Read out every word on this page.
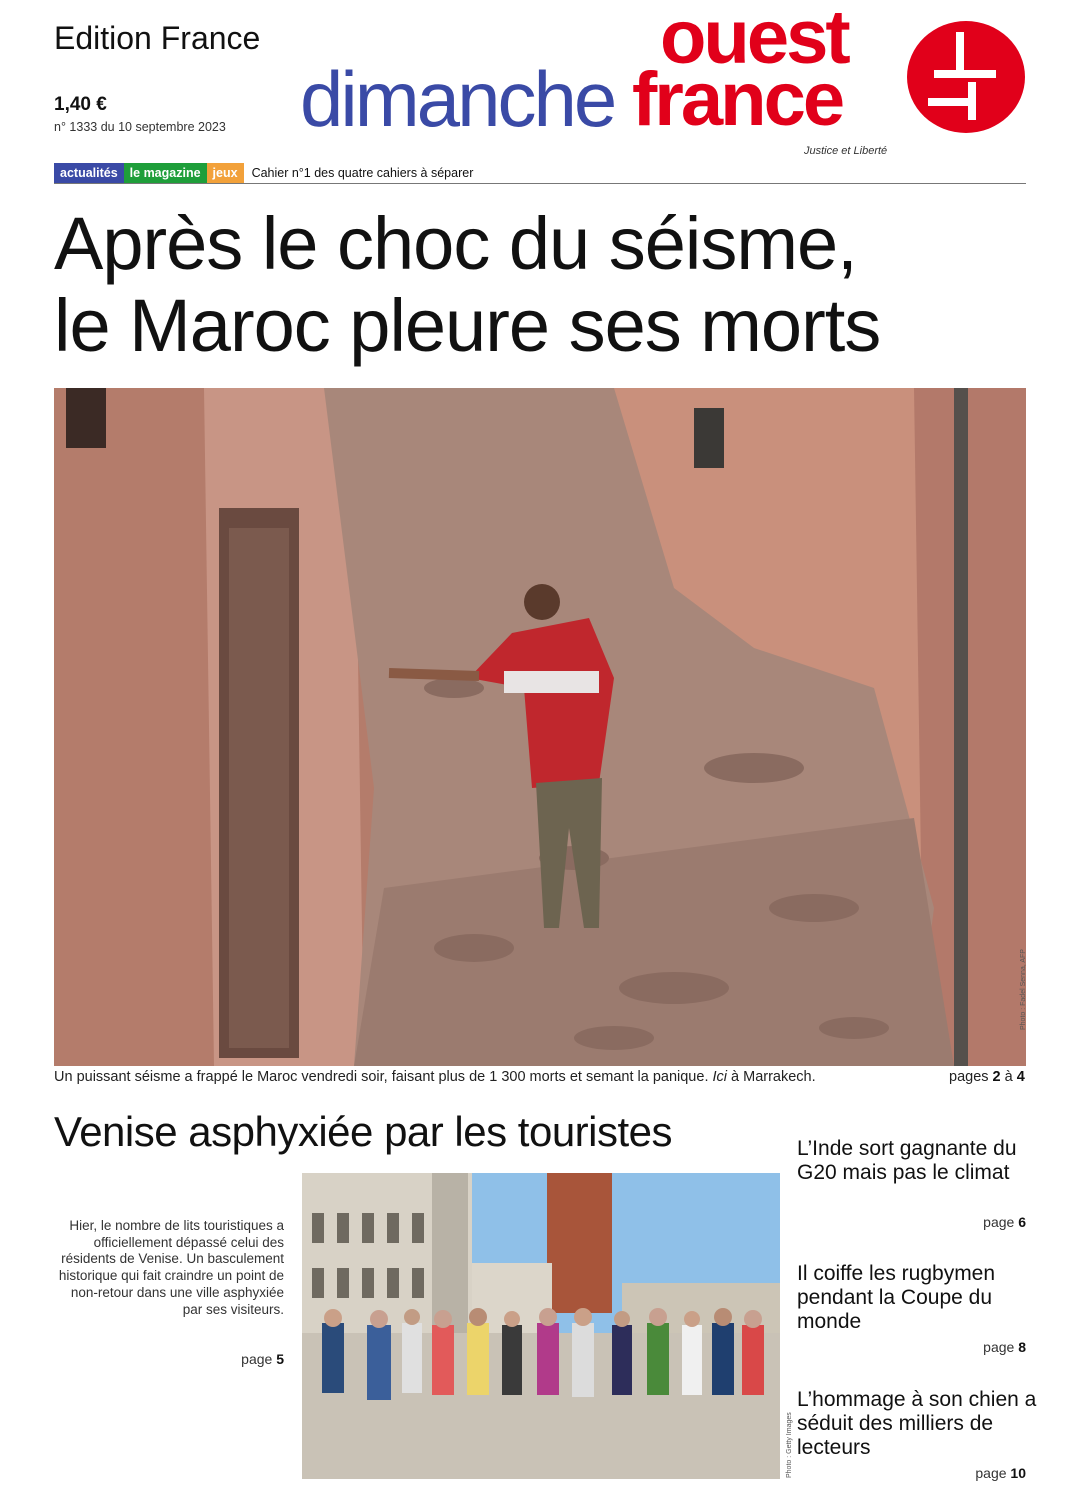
Edition France
1,40 €
n° 1333 du 10 septembre 2023 dimanche
ouest
france
Justice et Liberté
actualités le magazine jeux	Cahier n°1 des quatre cahiers à séparer
Après le choc du séisme,
le Maroc pleure ses morts
Photo : Fadel Senna, AFP
Un puissant séisme a frappé le Maroc vendredi soir, faisant plus de 1 300 morts et semant la panique. Ici à Marrakech.	pages 2 à 4
Venise asphyxiée par les touristes
Hier, le nombre de lits touristiques a officiellement dépassé celui des résidents de Venise. Un basculement historique qui fait craindre un point de non-retour dans une ville asphyxiée par ses visiteurs.
page 5
Photo : Getty Images
L’Inde sort gagnante du G20 mais pas le climat
page 6
Il coiffe les rugbymen pendant la Coupe du monde
page 8
L’hommage à son chien a séduit des milliers de lecteurs
page 10
